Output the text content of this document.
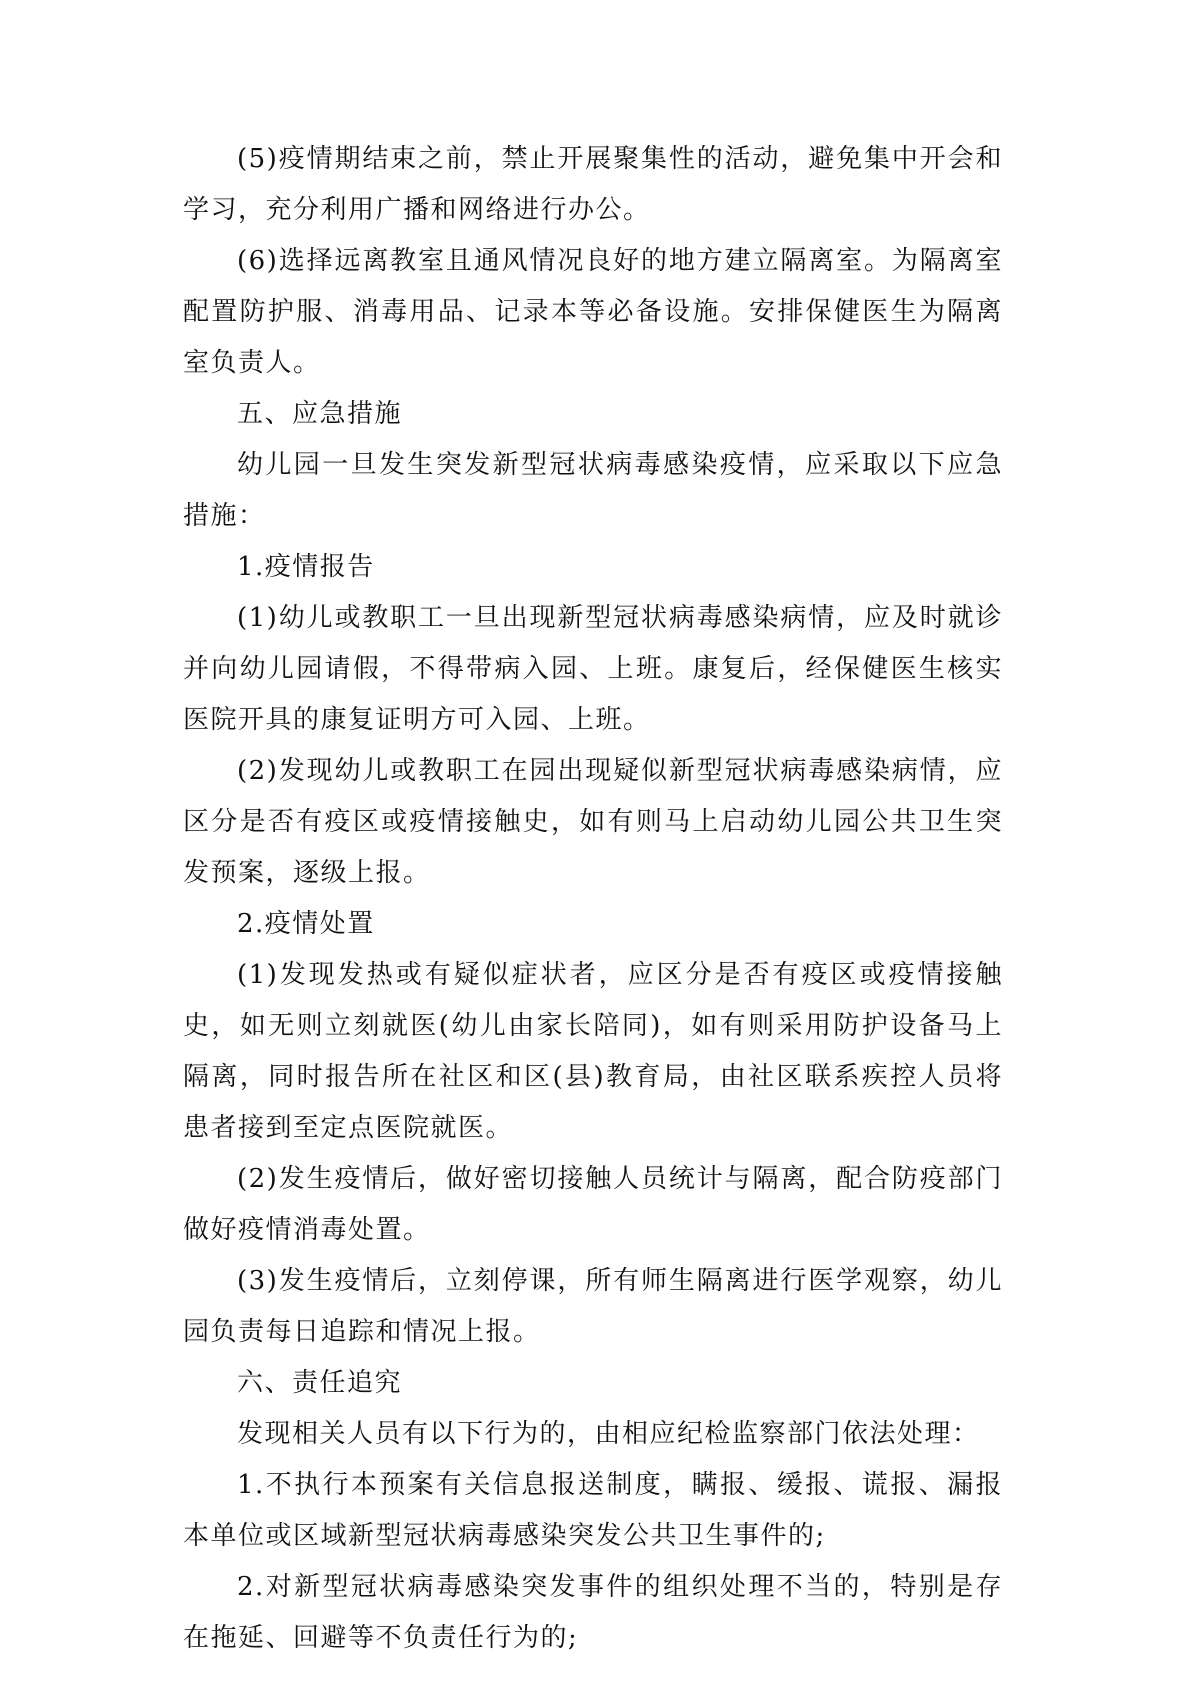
(5)疫情期结束之前，禁止开展聚集性的活动，避免集中开会和学习，充分利用广播和网络进行办公。

(6)选择远离教室且通风情况良好的地方建立隔离室。为隔离室配置防护服、消毒用品、记录本等必备设施。安排保健医生为隔离室负责人。

五、应急措施

幼儿园一旦发生突发新型冠状病毒感染疫情，应采取以下应急措施：

1.疫情报告

(1)幼儿或教职工一旦出现新型冠状病毒感染病情，应及时就诊并向幼儿园请假，不得带病入园、上班。康复后，经保健医生核实医院开具的康复证明方可入园、上班。

(2)发现幼儿或教职工在园出现疑似新型冠状病毒感染病情，应区分是否有疫区或疫情接触史，如有则马上启动幼儿园公共卫生突发预案，逐级上报。

2.疫情处置

(1)发现发热或有疑似症状者，应区分是否有疫区或疫情接触史，如无则立刻就医(幼儿由家长陪同)，如有则采用防护设备马上隔离，同时报告所在社区和区(县)教育局，由社区联系疾控人员将患者接到至定点医院就医。

(2)发生疫情后，做好密切接触人员统计与隔离，配合防疫部门做好疫情消毒处置。

(3)发生疫情后，立刻停课，所有师生隔离进行医学观察，幼儿园负责每日追踪和情况上报。

六、责任追究

发现相关人员有以下行为的，由相应纪检监察部门依法处理：

1.不执行本预案有关信息报送制度，瞒报、缓报、谎报、漏报本单位或区域新型冠状病毒感染突发公共卫生事件的;

2.对新型冠状病毒感染突发事件的组织处理不当的，特别是存在拖延、回避等不负责任行为的;
